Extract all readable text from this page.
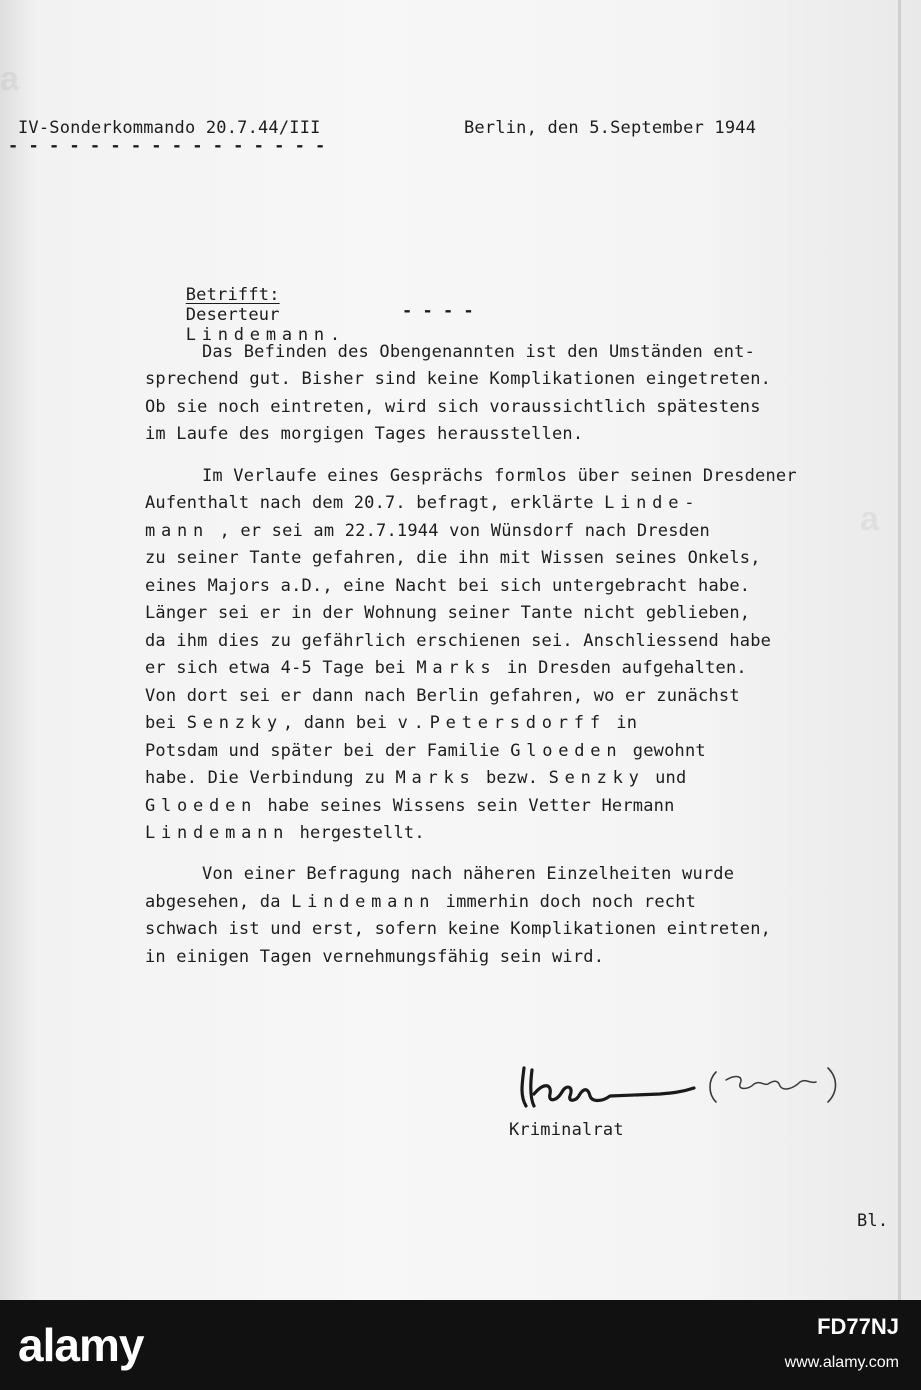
a
a
IV-Sonderkommando 20.7.44/III	Berlin, den 5.September 1944
- - - - - - - - - - - - - - - -

Betrifft:
Deserteur
Lindemann.

- - - -
Das Befinden des Obengenannten ist den Umständen ent-
sprechend gut. Bisher sind keine Komplikationen eingetreten.
Ob sie noch eintreten, wird sich voraussichtlich spätestens
im Laufe des morgigen Tages herausstellen.
Im Verlaufe eines Gesprächs formlos über seinen Dresdener
Aufenthalt nach dem 20.7. befragt, erklärte Linde-
mann , er sei am 22.7.1944 von Wünsdorf nach Dresden
zu seiner Tante gefahren, die ihn mit Wissen seines Onkels,
eines Majors a.D., eine Nacht bei sich untergebracht habe.
Länger sei er in der Wohnung seiner Tante nicht geblieben,
da ihm dies zu gefährlich erschienen sei. Anschliessend habe
er sich etwa 4-5 Tage bei Marks in Dresden aufgehalten.
Von dort sei er dann nach Berlin gefahren, wo er zunächst
bei Senzky, dann bei v.Petersdorff in
Potsdam und später bei der Familie Gloeden gewohnt
habe. Die Verbindung zu Marks bezw. Senzky und
Gloeden habe seines Wissens sein Vetter Hermann
Lindemann hergestellt.
Von einer Befragung nach näheren Einzelheiten wurde
abgesehen, da Lindemann immerhin doch noch recht
schwach ist und erst, sofern keine Komplikationen eintreten,
in einigen Tagen vernehmungsfähig sein wird.
Kriminalrat
Bl.
alamy	FD77NJ
www.alamy.com
